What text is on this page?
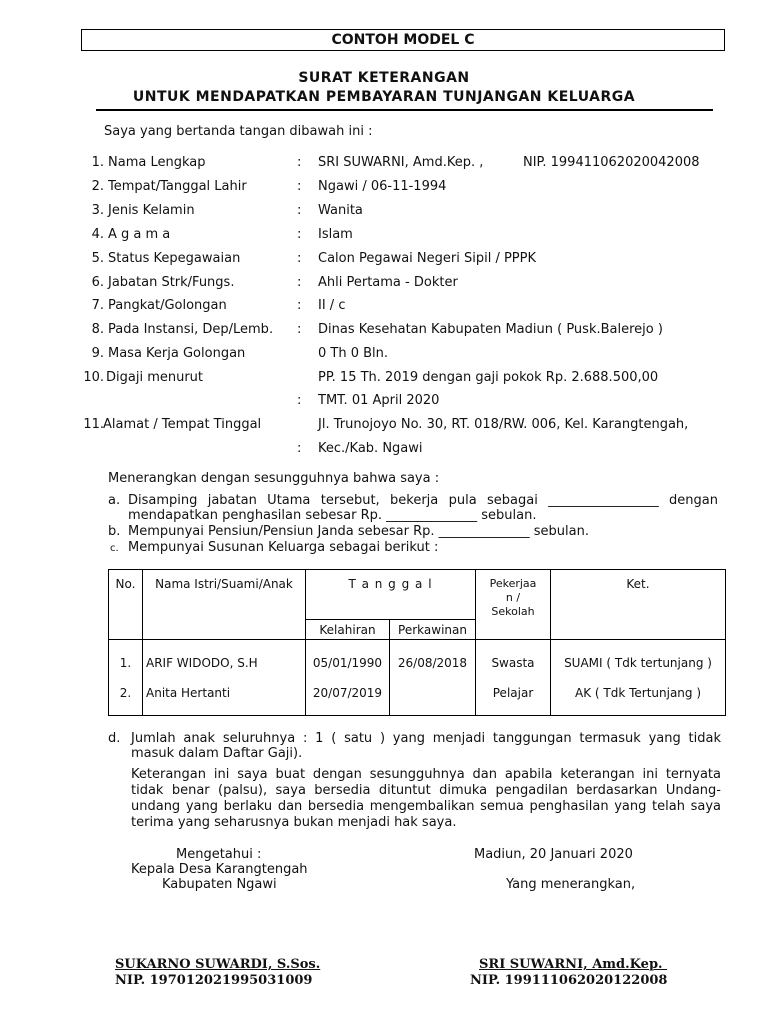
CONTOH MODEL C
SURAT KETERANGAN
UNTUK MENDAPATKAN PEMBAYARAN TUNJANGAN KELUARGA
Saya yang bertanda tangan dibawah ini :
1. Nama Lengkap	: SRI SUWARNI, Amd.Kep. ,	NIP. 199411062020042008
2. Tempat/Tanggal Lahir	: Ngawi / 06-11-1994
3. Jenis Kelamin	: Wanita
4. A g a m a	: Islam
5. Status Kepegawaian	: Calon Pegawai Negeri Sipil / PPPK
6. Jabatan Strk/Fungs.	: Ahli Pertama - Dokter
7. Pangkat/Golongan	: II / c
8. Pada Instansi, Dep/Lemb. : Dinas Kesehatan Kabupaten Madiun ( Pusk.Balerejo )
9. Masa Kerja Golongan	0 Th 0 Bln.
10. Digaji menurut	PP. 15 Th. 2019 dengan gaji pokok Rp. 2.688.500,00
: TMT. 01 April 2020
11. Alamat / Tempat Tinggal	Jl. Trunojoyo No. 30, RT. 018/RW. 006, Kel. Karangtengah,
: Kec./Kab. Ngawi
Menerangkan dengan sesungguhnya bahwa saya :
a. Disamping jabatan Utama tersebut, bekerja pula sebagai _________________ dengan
mendapatkan penghasilan sebesar Rp. ______________ sebulan.
b. Mempunyai Pensiun/Pensiun Janda sebesar Rp. ______________ sebulan.
c. Mempunyai Susunan Keluarga sebagai berikut :
No.	Nama Istri/Suami/Anak	T a n g g a l		Pekerjaa
n /
Sekolah	Ket.
		Kelahiran	Perkawinan		
1.	ARIF WIDODO, S.H	05/01/1990	26/08/2018	Swasta	SUAMI ( Tdk tertunjang )
2.	Anita Hertanti	20/07/2019		Pelajar	AK ( Tdk Tertunjang )
d. Jumlah anak seluruhnya : 1 ( satu ) yang menjadi tanggungan termasuk yang tidak
masuk dalam Daftar Gaji).
Keterangan ini saya buat dengan sesungguhnya dan apabila keterangan ini ternyata
tidak benar (palsu), saya bersedia dituntut dimuka pengadilan berdasarkan Undang-
undang yang berlaku dan bersedia mengembalikan semua penghasilan yang telah saya
terima yang seharusnya bukan menjadi hak saya.
Mengetahui :
Kepala Desa Karangtengah
Kabupaten Ngawi
SUKARNO SUWARDI, S.Sos.
NIP. 197012021995031009
Madiun, 20 Januari 2020
Yang menerangkan,
SRI SUWARNI, Amd.Kep.
NIP. 199111062020122008
